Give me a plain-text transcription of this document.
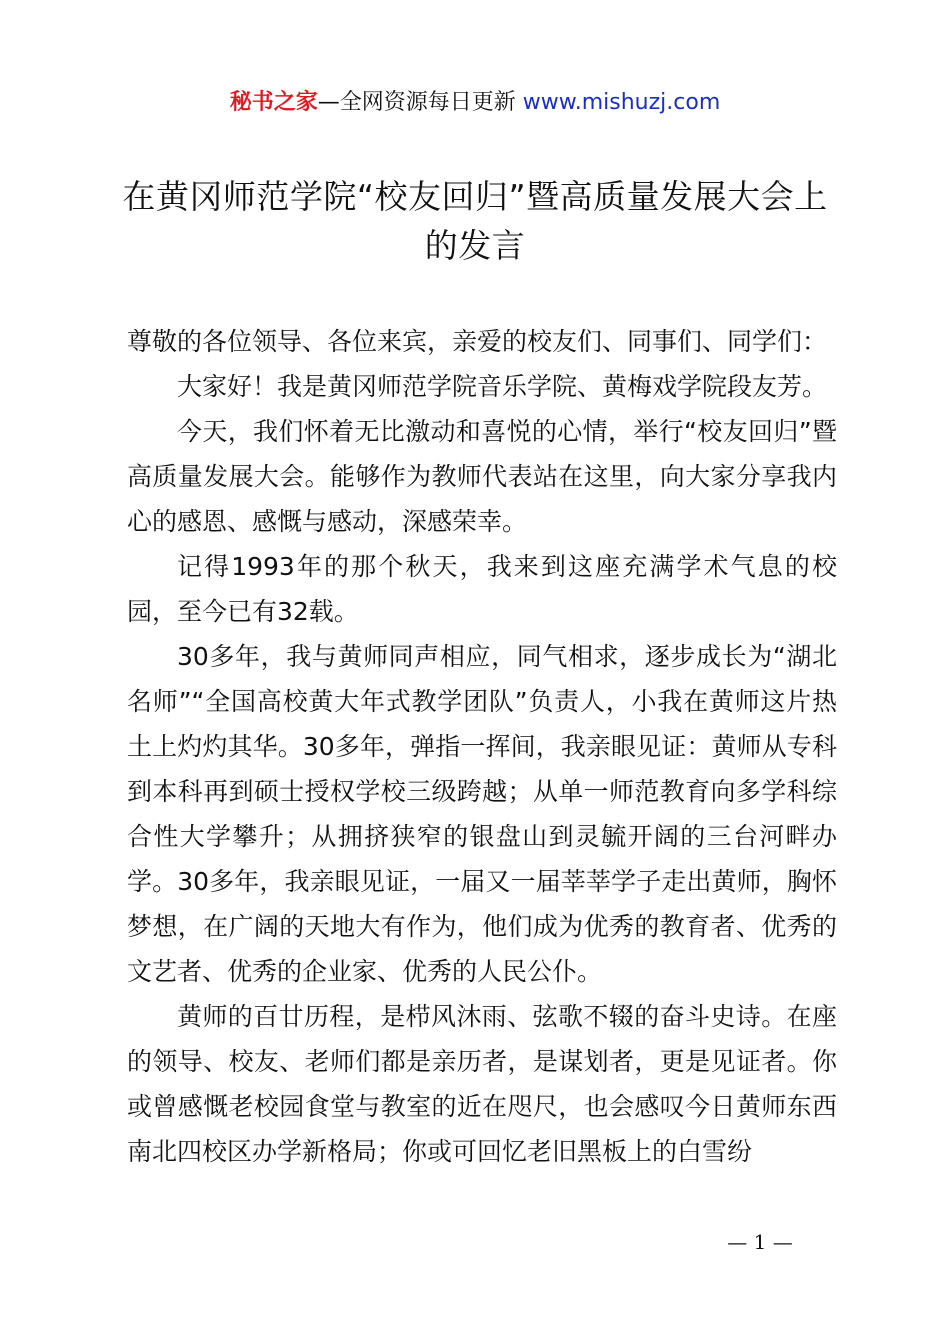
秘书之家—全网资源每日更新 www.mishuzj.com
在黄冈师范学院“校友回归”暨高质量发展大会上的发言

尊敬的各位领导、各位来宾，亲爱的校友们、同事们、同学们：

大家好！我是黄冈师范学院音乐学院、黄梅戏学院段友芳。

今天，我们怀着无比激动和喜悦的心情，举行“校友回归”暨高质量发展大会。能够作为教师代表站在这里，向大家分享我内心的感恩、感慨与感动，深感荣幸。

记得1993年的那个秋天，我来到这座充满学术气息的校园，至今已有32载。

30多年，我与黄师同声相应，同气相求，逐步成长为“湖北名师”“全国高校黄大年式教学团队”负责人，小我在黄师这片热土上灼灼其华。30多年，弹指一挥间，我亲眼见证：黄师从专科到本科再到硕士授权学校三级跨越；从单一师范教育向多学科综合性大学攀升；从拥挤狭窄的银盘山到灵毓开阔的三台河畔办学。30多年，我亲眼见证，一届又一届莘莘学子走出黄师，胸怀梦想，在广阔的天地大有作为，他们成为优秀的教育者、优秀的文艺者、优秀的企业家、优秀的人民公仆。

黄师的百廿历程，是栉风沐雨、弦歌不辍的奋斗史诗。在座的领导、校友、老师们都是亲历者，是谋划者，更是见证者。你或曾感慨老校园食堂与教室的近在咫尺，也会感叹今日黄师东西南北四校区办学新格局；你或可回忆老旧黑板上的白雪纷

— 1 —
